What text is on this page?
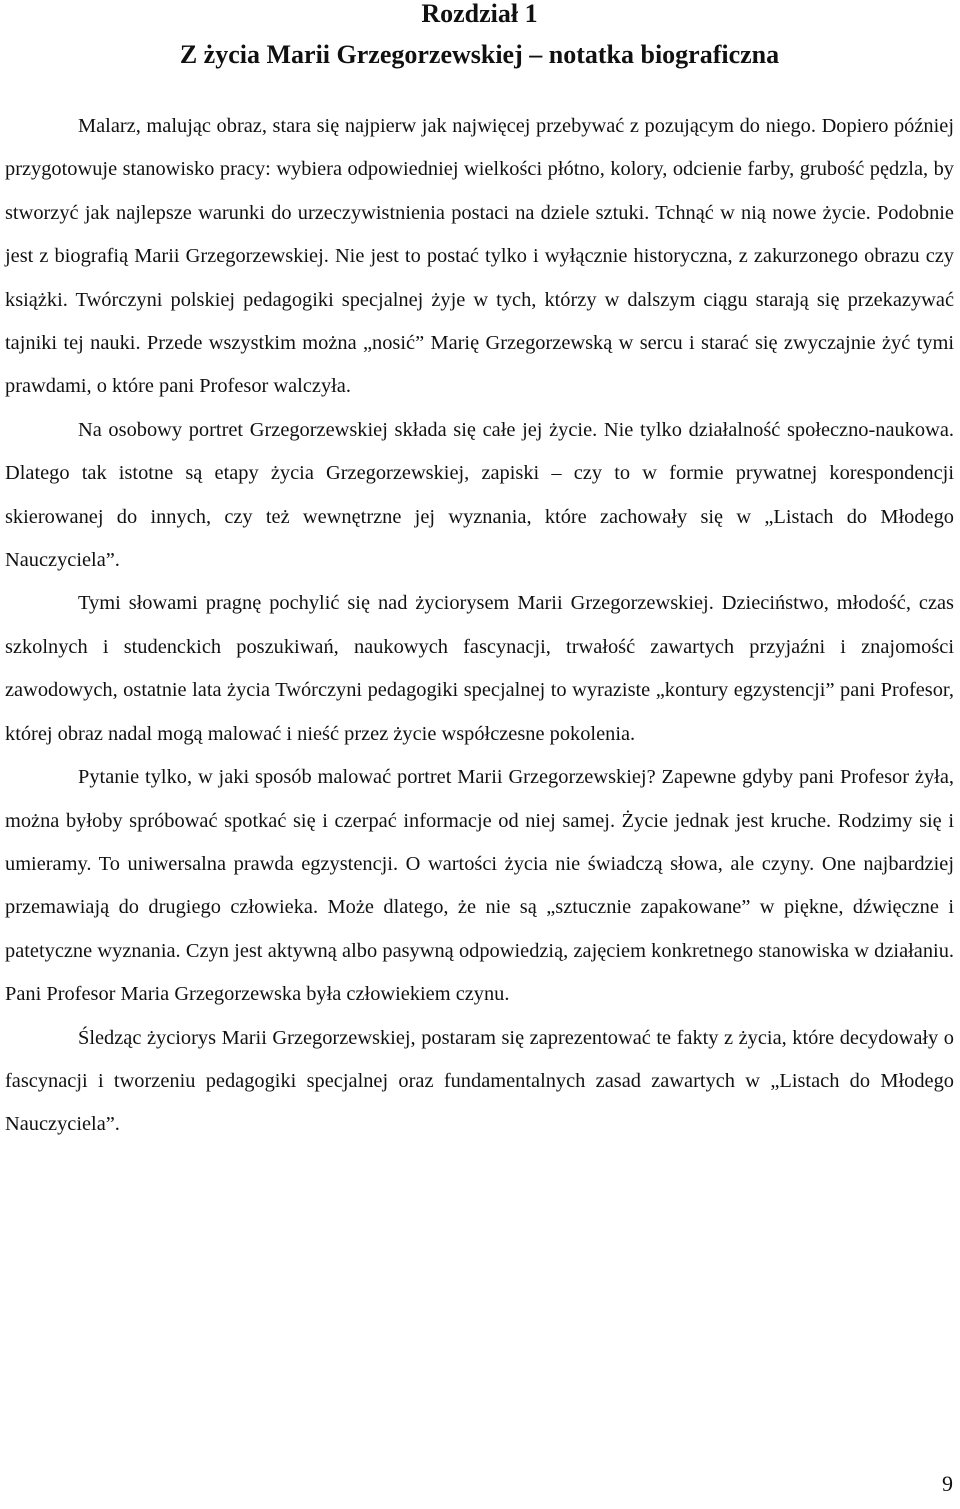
Rozdział 1
Z życia Marii Grzegorzewskiej – notatka biograficzna

Malarz, malując obraz, stara się najpierw jak najwięcej przebywać z pozującym do niego. Dopiero później przygotowuje stanowisko pracy: wybiera odpowiedniej wielkości płótno, kolory, odcienie farby, grubość pędzla, by stworzyć jak najlepsze warunki do urzeczywistnienia postaci na dziele sztuki. Tchnąć w nią nowe życie. Podobnie jest z biografią Marii Grzegorzewskiej. Nie jest to postać tylko i wyłącznie historyczna, z zakurzonego obrazu czy książki. Twórczyni polskiej pedagogiki specjalnej żyje w tych, którzy w dalszym ciągu starają się przekazywać tajniki tej nauki. Przede wszystkim można „nosić” Marię Grzegorzewską w sercu i starać się zwyczajnie żyć tymi prawdami, o które pani Profesor walczyła.

Na osobowy portret Grzegorzewskiej składa się całe jej życie. Nie tylko działalność społeczno-naukowa. Dlatego tak istotne są etapy życia Grzegorzewskiej, zapiski – czy to w formie prywatnej korespondencji skierowanej do innych, czy też wewnętrzne jej wyznania, które zachowały się w „Listach do Młodego Nauczyciela”.

Tymi słowami pragnę pochylić się nad życiorysem Marii Grzegorzewskiej. Dzieciństwo, młodość, czas szkolnych i studenckich poszukiwań, naukowych fascynacji, trwałość zawartych przyjaźni i znajomości zawodowych, ostatnie lata życia Twórczyni pedagogiki specjalnej to wyraziste „kontury egzystencji” pani Profesor, której obraz nadal mogą malować i nieść przez życie współczesne pokolenia.

Pytanie tylko, w jaki sposób malować portret Marii Grzegorzewskiej? Zapewne gdyby pani Profesor żyła, można byłoby spróbować spotkać się i czerpać informacje od niej samej. Życie jednak jest kruche. Rodzimy się i umieramy. To uniwersalna prawda egzystencji. O wartości życia nie świadczą słowa, ale czyny. One najbardziej przemawiają do drugiego człowieka. Może dlatego, że nie są „sztucznie zapakowane” w piękne, dźwięczne i patetyczne wyznania. Czyn jest aktywną albo pasywną odpowiedzią, zajęciem konkretnego stanowiska w działaniu. Pani Profesor Maria Grzegorzewska była człowiekiem czynu.

Śledząc życiorys Marii Grzegorzewskiej, postaram się zaprezentować te fakty z życia, które decydowały o fascynacji i tworzeniu pedagogiki specjalnej oraz fundamentalnych zasad zawartych w „Listach do Młodego Nauczyciela”.

9
